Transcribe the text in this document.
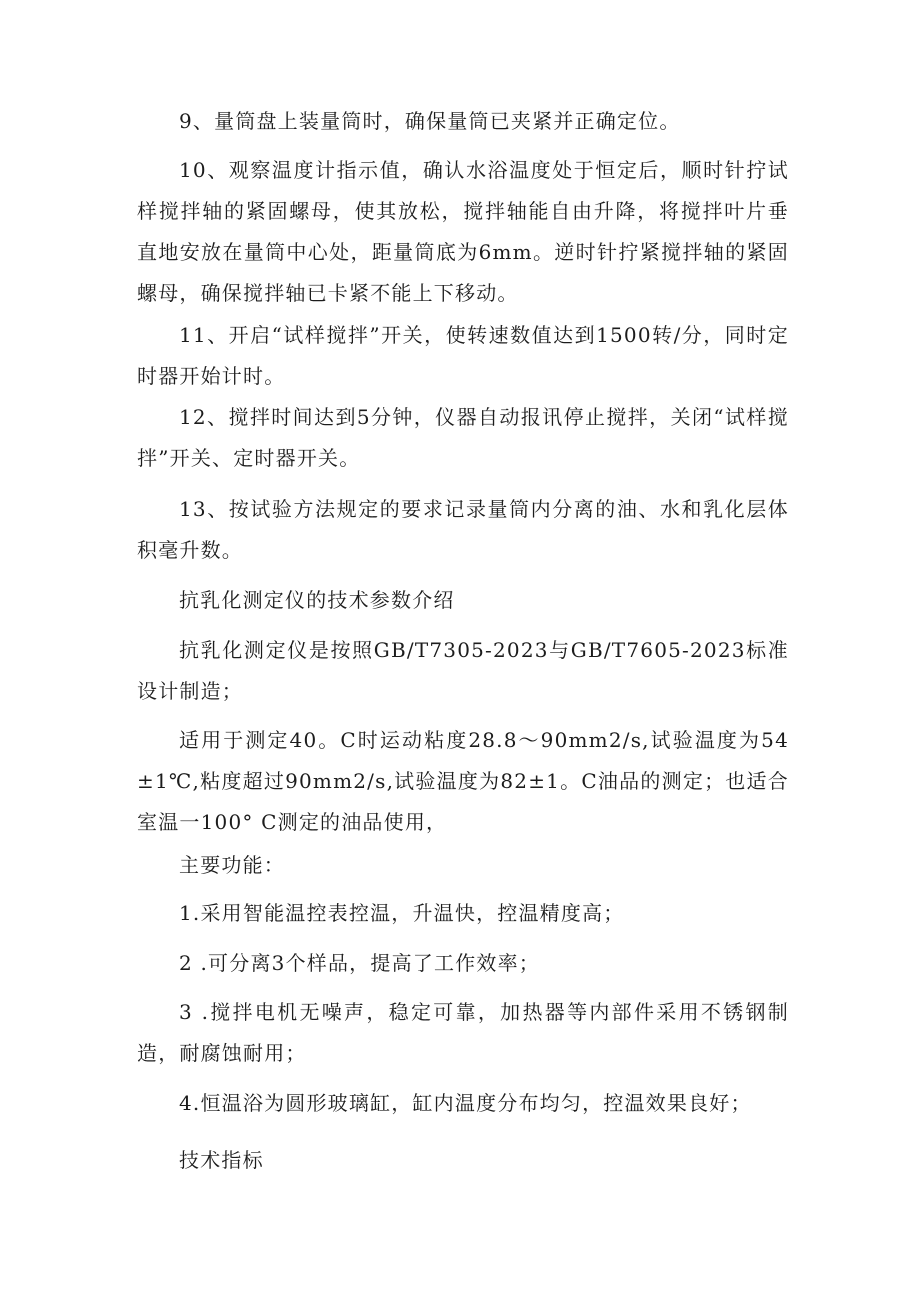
9、量筒盘上装量筒时，确保量筒已夹紧并正确定位。

10、观察温度计指示值，确认水浴温度处于恒定后，顺时针拧试样搅拌轴的紧固螺母，使其放松，搅拌轴能自由升降，将搅拌叶片垂直地安放在量筒中心处，距量筒底为6mm。逆时针拧紧搅拌轴的紧固螺母，确保搅拌轴已卡紧不能上下移动。

11、开启“试样搅拌”开关，使转速数值达到1500转/分，同时定时器开始计时。

12、搅拌时间达到5分钟，仪器自动报讯停止搅拌，关闭“试样搅拌”开关、定时器开关。

13、按试验方法规定的要求记录量筒内分离的油、水和乳化层体积毫升数。

抗乳化测定仪的技术参数介绍

抗乳化测定仪是按照GB/T7305-2023与GB/T7605-2023标准设计制造；

适用于测定40。C时运动粘度28.8～90mm2/s,试验温度为54±1℃,粘度超过90mm2/s,试验温度为82±1。C油品的测定；也适合室温一100° C测定的油品使用，

主要功能：

1.采用智能温控表控温，升温快，控温精度高；

2 .可分离3个样品，提高了工作效率；

3 .搅拌电机无噪声，稳定可靠，加热器等内部件采用不锈钢制造，耐腐蚀耐用；

4.恒温浴为圆形玻璃缸，缸内温度分布均匀，控温效果良好；

技术指标
